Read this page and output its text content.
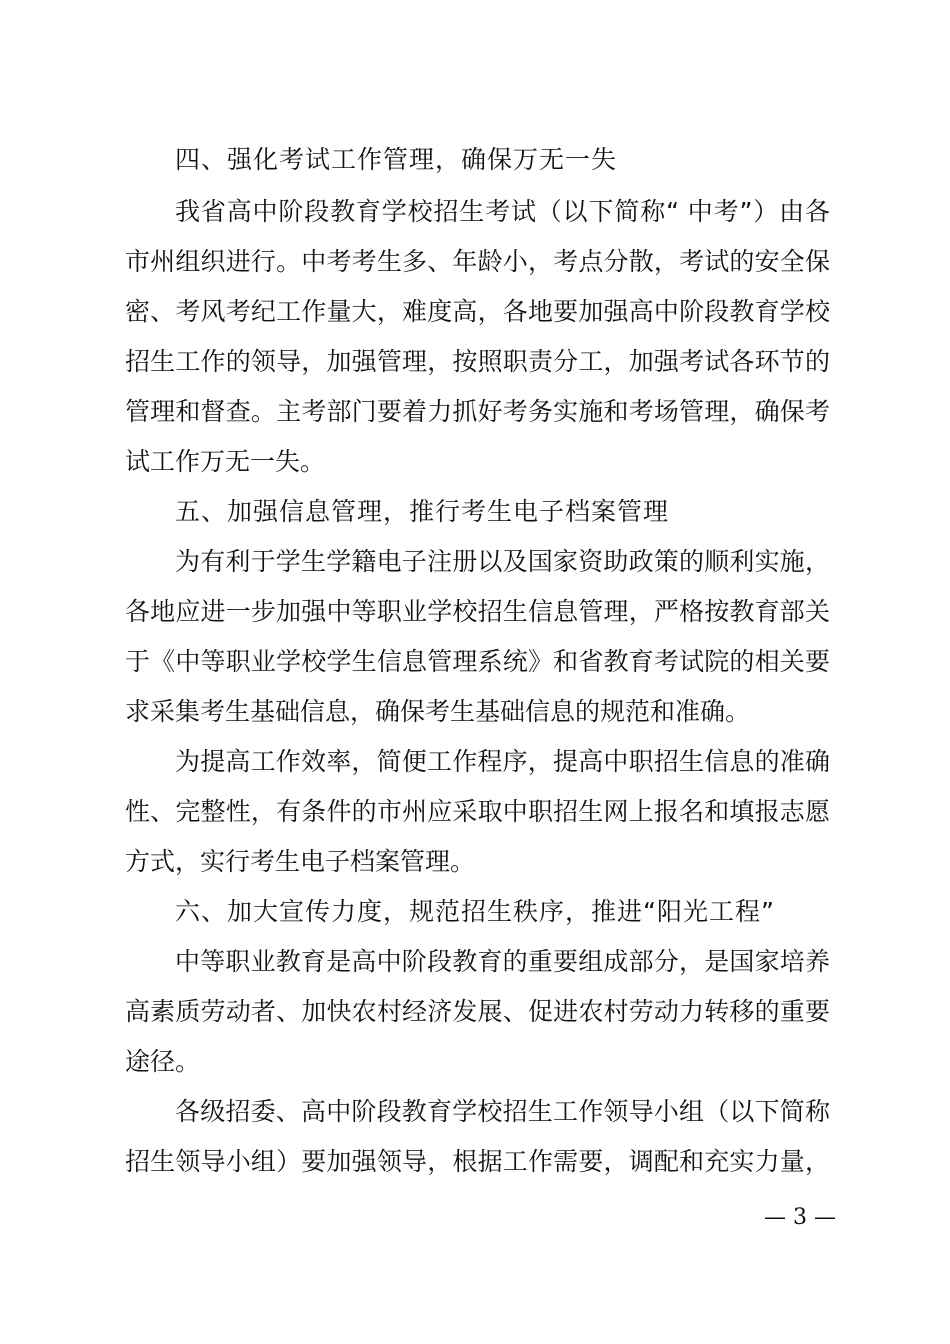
四、强化考试工作管理，确保万无一失
我省高中阶段教育学校招生考试（以下简称“ 中考”）由各
市州组织进行。中考考生多、年龄小，考点分散，考试的安全保
密、考风考纪工作量大，难度高，各地要加强高中阶段教育学校
招生工作的领导，加强管理，按照职责分工，加强考试各环节的
管理和督查。主考部门要着力抓好考务实施和考场管理，确保考
试工作万无一失。
五、加强信息管理，推行考生电子档案管理
为有利于学生学籍电子注册以及国家资助政策的顺利实施，
各地应进一步加强中等职业学校招生信息管理，严格按教育部关
于《中等职业学校学生信息管理系统》和省教育考试院的相关要
求采集考生基础信息，确保考生基础信息的规范和准确。
为提高工作效率，简便工作程序，提高中职招生信息的准确
性、完整性，有条件的市州应采取中职招生网上报名和填报志愿
方式，实行考生电子档案管理。
六、加大宣传力度，规范招生秩序，推进“阳光工程”
中等职业教育是高中阶段教育的重要组成部分，是国家培养
高素质劳动者、加快农村经济发展、促进农村劳动力转移的重要
途径。
各级招委、高中阶段教育学校招生工作领导小组（以下简称
招生领导小组）要加强领导，根据工作需要，调配和充实力量，
— 3 —
